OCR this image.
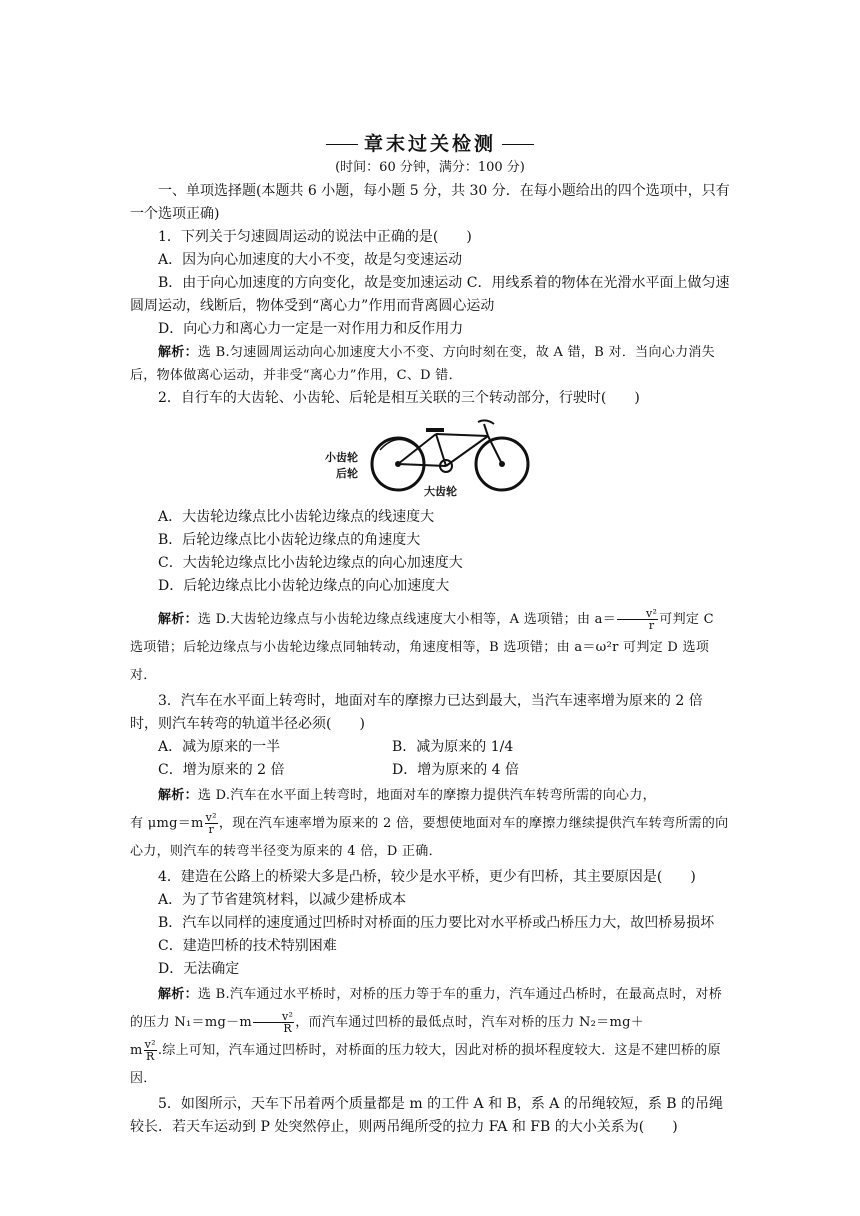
章末过关检测
(时间：60 分钟，满分：100 分)

一、单项选择题(本题共 6 小题，每小题 5 分，共 30 分．在每小题给出的四个选项中，只有一个选项正确)

1．下列关于匀速圆周运动的说法中正确的是(　　)

A．因为向心加速度的大小不变，故是匀变速运动

B．由于向心加速度的方向变化，故是变加速运动 C．用线系着的物体在光滑水平面上做匀速圆周运动，线断后，物体受到“离心力”作用而背离圆心运动

D．向心力和离心力一定是一对作用力和反作用力

解析：选 B.匀速圆周运动向心加速度大小不变、方向时刻在变，故 A 错，B 对．当向心力消失后，物体做离心运动，并非受“离心力”作用，C、D 错．

2．自行车的大齿轮、小齿轮、后轮是相互关联的三个转动部分，行驶时(　　)

小齿轮
后轮
大齿轮

A．大齿轮边缘点比小齿轮边缘点的线速度大

B．后轮边缘点比小齿轮边缘点的角速度大

C．大齿轮边缘点比小齿轮边缘点的向心加速度大

D．后轮边缘点比小齿轮边缘点的向心加速度大

解析：选 D.大齿轮边缘点与小齿轮边缘点线速度大小相等，A 选项错；由 $a= \frac{\text{v²}}{r}$ 可判定 C 选项错；后轮边缘点与小齿轮边缘点同轴转动，角速度相等，B 选项错；由 a＝ω²r 可判定 D 选项对．

3．汽车在水平面上转弯时，地面对车的摩擦力已达到最大，当汽车速率增为原来的 2 倍时，则汽车转弯的轨道半径必须(　　)

A．减为原来的一半	B．减为原来的 1/4
C．增为原来的 2 倍	D．增为原来的 4 倍

解析：选 D.汽车在水平面上转弯时，地面对车的摩擦力提供汽车转弯所需的向心力，

有 $\mu mg=m \frac{\text{v²}}{r}$ ，现在汽车速率增为原来的 2 倍，要想使地面对车的摩擦力继续提供汽车转弯所需的向心力，则汽车的转弯半径变为原来的 4 倍，D 正确．

4．建造在公路上的桥梁大多是凸桥，较少是水平桥，更少有凹桥，其主要原因是(　　)

A．为了节省建筑材料，以减少建桥成本

B．汽车以同样的速度通过凹桥时对桥面的压力要比对水平桥或凸桥压力大，故凹桥易损坏

C．建造凹桥的技术特别困难

D．无法确定

解析：选 B.汽车通过水平桥时，对桥的压力等于车的重力，汽车通过凸桥时，在最高点时，对桥的压力 $N_1=mg-m \frac{\text{v²}}{R}$ ，而汽车通过凹桥的最低点时，汽车对桥的压力 N₂＝mg＋

m $\frac{\text{v²}}{R}$ .综上可知，汽车通过凹桥时，对桥面的压力较大，因此对桥的损坏程度较大．这是不建凹桥的原因．

5．如图所示，天车下吊着两个质量都是 m 的工件 A 和 B，系 A 的吊绳较短，系 B 的吊绳较长．若天车运动到 P 处突然停止，则两吊绳所受的拉力 FA 和 FB 的大小关系为(　　)
